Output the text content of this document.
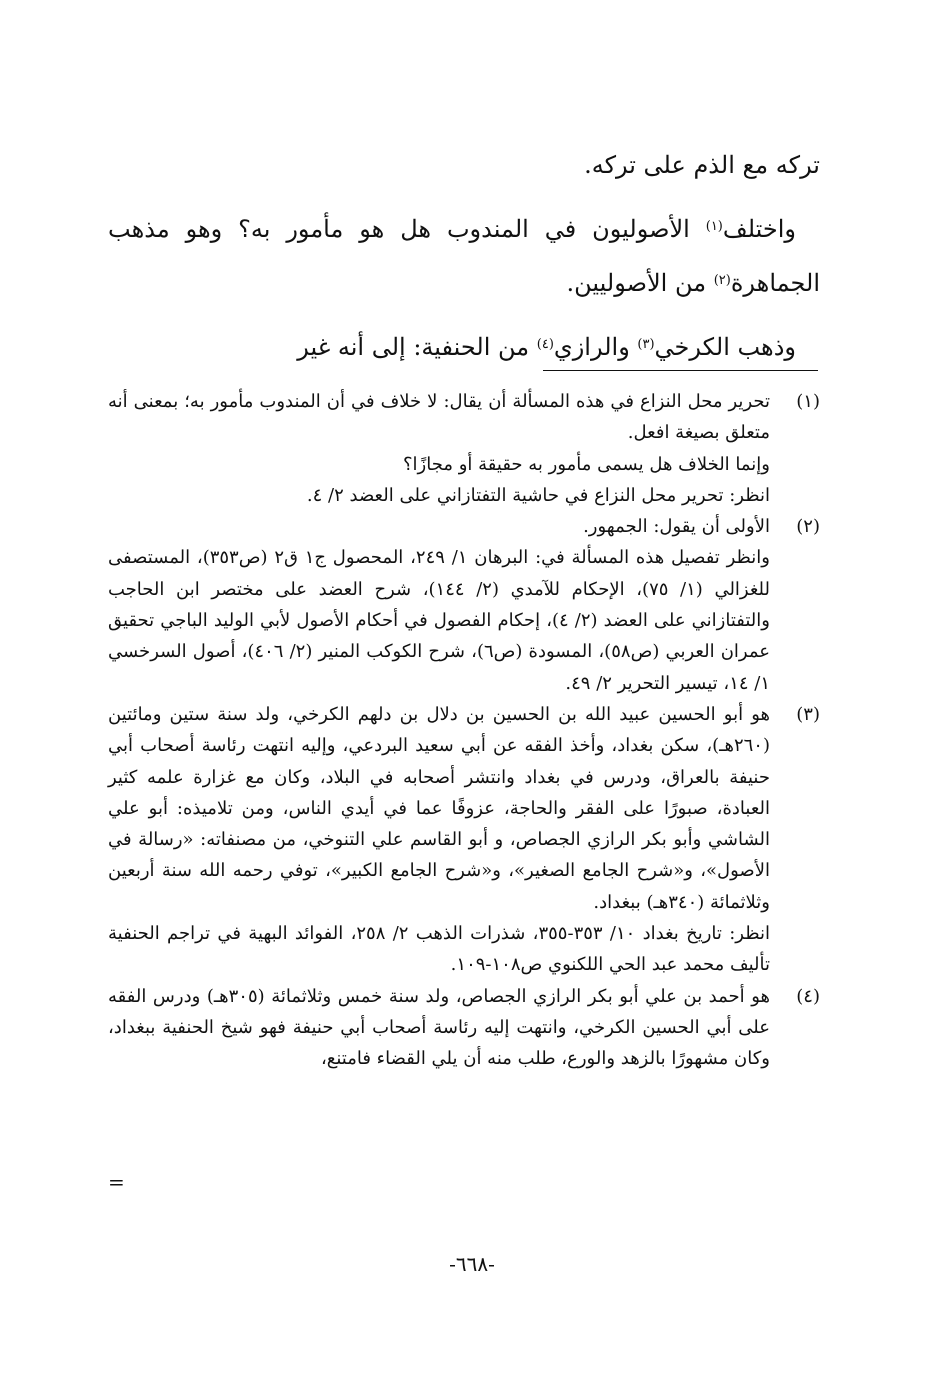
تركه مع الذم على تركه.

واختلف$^{(١)}$ الأصوليون في المندوب هل هو مأمور به؟ وهو مذهب الجماهرة$^{(٢)}$ من الأصوليين.

وذهب الكرخي$^{(٣)}$ والرازي$^{(٤)}$ من الحنفية: إلى أنه غير

(١)

تحرير محل النزاع في هذه المسألة أن يقال: لا خلاف في أن المندوب مأمور به؛ بمعنى أنه متعلق بصيغة افعل.

وإنما الخلاف هل يسمى مأمور به حقيقة أو مجازًا؟

انظر: تحرير محل النزاع في حاشية التفتازاني على العضد ٢/ ٤.

(٢)

الأولى أن يقول: الجمهور.

وانظر تفصيل هذه المسألة في: البرهان ١/ ٢٤٩، المحصول ج١ ق٢ (ص٣٥٣)، المستصفى للغزالي (١/ ٧٥)، الإحكام للآمدي (٢/ ١٤٤)، شرح العضد على مختصر ابن الحاجب والتفتازاني على العضد (٢/ ٤)، إحكام الفصول في أحكام الأصول لأبي الوليد الباجي تحقيق عمران العربي (ص٥٨)، المسودة (ص٦)، شرح الكوكب المنير (٢/ ٤٠٦)، أصول السرخسي ١/ ١٤، تيسير التحرير ٢/ ٤٩.

(٣)

هو أبو الحسين عبيد الله بن الحسين بن دلال بن دلهم الكرخي، ولد سنة ستين ومائتين (٢٦٠هـ)، سكن بغداد، وأخذ الفقه عن أبي سعيد البردعي، وإليه انتهت رئاسة أصحاب أبي حنيفة بالعراق، ودرس في بغداد وانتشر أصحابه في البلاد، وكان مع غزارة علمه كثير العبادة، صبورًا على الفقر والحاجة، عزوفًا عما في أيدي الناس، ومن تلاميذه: أبو علي الشاشي وأبو بكر الرازي الجصاص، و أبو القاسم علي التنوخي، من مصنفاته: «رسالة في الأصول»، و«شرح الجامع الصغير»، و«شرح الجامع الكبير»، توفي رحمه الله سنة أربعين وثلاثمائة (٣٤٠هـ) ببغداد.

انظر: تاريخ بغداد ١٠/ ٣٥٣-٣٥٥، شذرات الذهب ٢/ ٢٥٨، الفوائد البهية في تراجم الحنفية تأليف محمد عبد الحي اللكنوي ص١٠٨-١٠٩.

(٤)

هو أحمد بن علي أبو بكر الرازي الجصاص، ولد سنة خمس وثلاثمائة (٣٠٥هـ) ودرس الفقه على أبي الحسين الكرخي، وانتهت إليه رئاسة أصحاب أبي حنيفة فهو شيخ الحنفية ببغداد، وكان مشهورًا بالزهد والورع، طلب منه أن يلي القضاء فامتنع،

=
-٦٦٨-
